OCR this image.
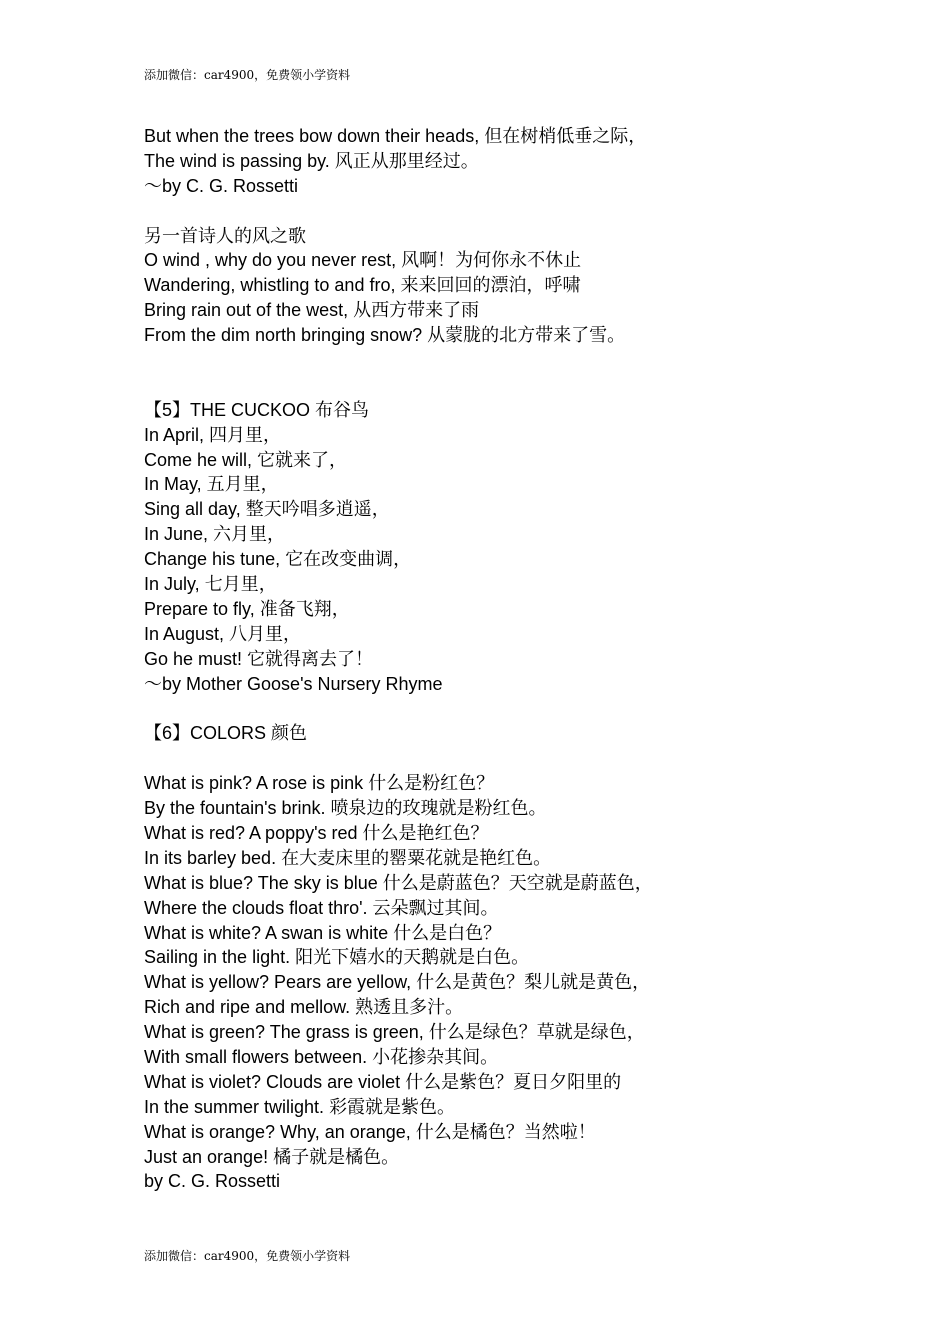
添加微信：car4900，免费领小学资料
But when the trees bow down their heads, 但在树梢低垂之际，
The wind is passing by. 风正从那里经过。
～by C. G. Rossetti
另一首诗人的风之歌
O wind , why do you never rest, 风啊！为何你永不休止
Wandering, whistling to and fro, 来来回回的漂泊，呼啸
Bring rain out of the west, 从西方带来了雨
From the dim north bringing snow? 从蒙胧的北方带来了雪。
【5】THE CUCKOO 布谷鸟
In April, 四月里，
Come he will, 它就来了，
In May, 五月里，
Sing all day, 整天吟唱多逍遥，
In June, 六月里，
Change his tune, 它在改变曲调，
In July, 七月里，
Prepare to fly, 准备飞翔，
In August, 八月里，
Go he must! 它就得离去了！
～by Mother Goose's Nursery Rhyme
【6】COLORS 颜色
What is pink? A rose is pink 什么是粉红色？
By the fountain's brink. 喷泉边的玫瑰就是粉红色。
What is red? A poppy's red 什么是艳红色？
In its barley bed. 在大麦床里的罂粟花就是艳红色。
What is blue? The sky is blue 什么是蔚蓝色？天空就是蔚蓝色，
Where the clouds float thro'. 云朵飘过其间。
What is white? A swan is white 什么是白色？
Sailing in the light. 阳光下嬉水的天鹅就是白色。
What is yellow? Pears are yellow, 什么是黄色？梨儿就是黄色，
Rich and ripe and mellow. 熟透且多汁。
What is green? The grass is green, 什么是绿色？草就是绿色，
With small flowers between. 小花掺杂其间。
What is violet? Clouds are violet 什么是紫色？夏日夕阳里的
In the summer twilight. 彩霞就是紫色。
What is orange? Why, an orange, 什么是橘色？当然啦！
Just an orange! 橘子就是橘色。
by C. G. Rossetti
添加微信：car4900，免费领小学资料
